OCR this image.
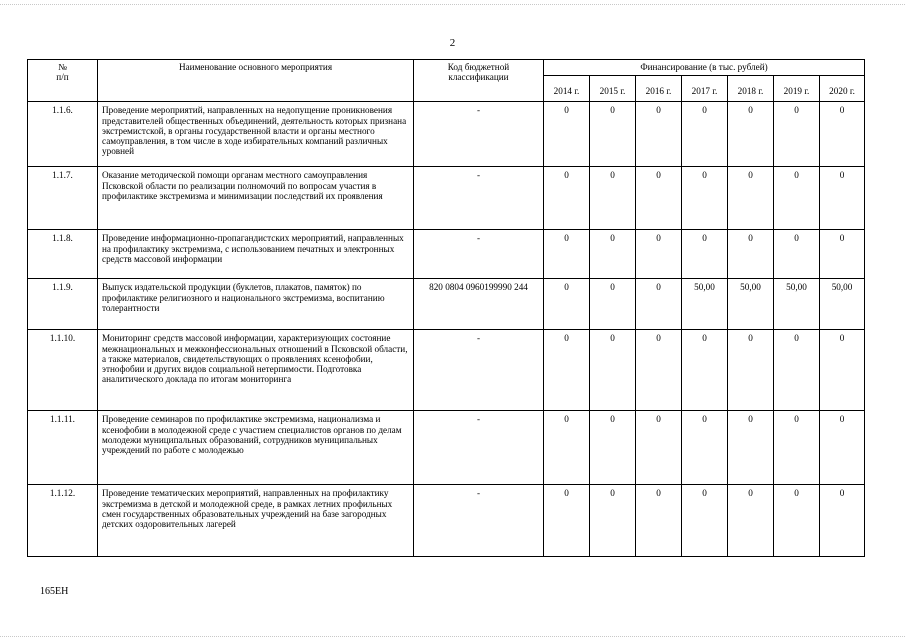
2
№
п/п	Наименование основного мероприятия	Код бюджетной классификации	Финансирование (в тыс. рублей)						
			2014 г.	2015 г.	2016 г.	2017 г.	2018 г.	2019 г.	2020 г.
1.1.6.	Проведение мероприятий, направленных на недопущение проникновения представителей общественных объединений, деятельность которых признана экстремистской, в органы государственной власти и органы местного самоуправления, в том числе в ходе избирательных компаний различных уровней	-	0	0	0	0	0	0	0
1.1.7.	Оказание методической помощи органам местного самоуправления Псковской области по реализации полномочий по вопросам участия в профилактике экстремизма и минимизации последствий их проявления	-	0	0	0	0	0	0	0
1.1.8.	Проведение информационно-пропагандистских мероприятий, направленных на профилактику экстремизма, с использованием печатных и электронных средств массовой информации	-	0	0	0	0	0	0	0
1.1.9.	Выпуск издательской продукции (буклетов, плакатов, памяток) по профилактике религиозного и национального экстремизма, воспитанию толерантности	820 0804 0960199990 244	0	0	0	50,00	50,00	50,00	50,00
1.1.10.	Мониторинг средств массовой информации, характеризующих состояние межнациональных и межконфессиональных отношений в Псковской области, а также материалов, свидетельствующих о проявлениях ксенофобии, этнофобии и других видов социальной нетерпимости. Подготовка аналитического доклада по итогам мониторинга	-	0	0	0	0	0	0	0
1.1.11.	Проведение семинаров по профилактике экстремизма, национализма и ксенофобии в молодежной среде с участием специалистов органов по делам молодежи муниципальных образований, сотрудников муниципальных учреждений по работе с молодежью	-	0	0	0	0	0	0	0
1.1.12.	Проведение тематических мероприятий, направленных на профилактику экстремизма в детской и молодежной среде, в рамках летних профильных смен государственных образовательных учреждений на базе загородных детских оздоровительных лагерей	-	0	0	0	0	0	0	0
165EH
